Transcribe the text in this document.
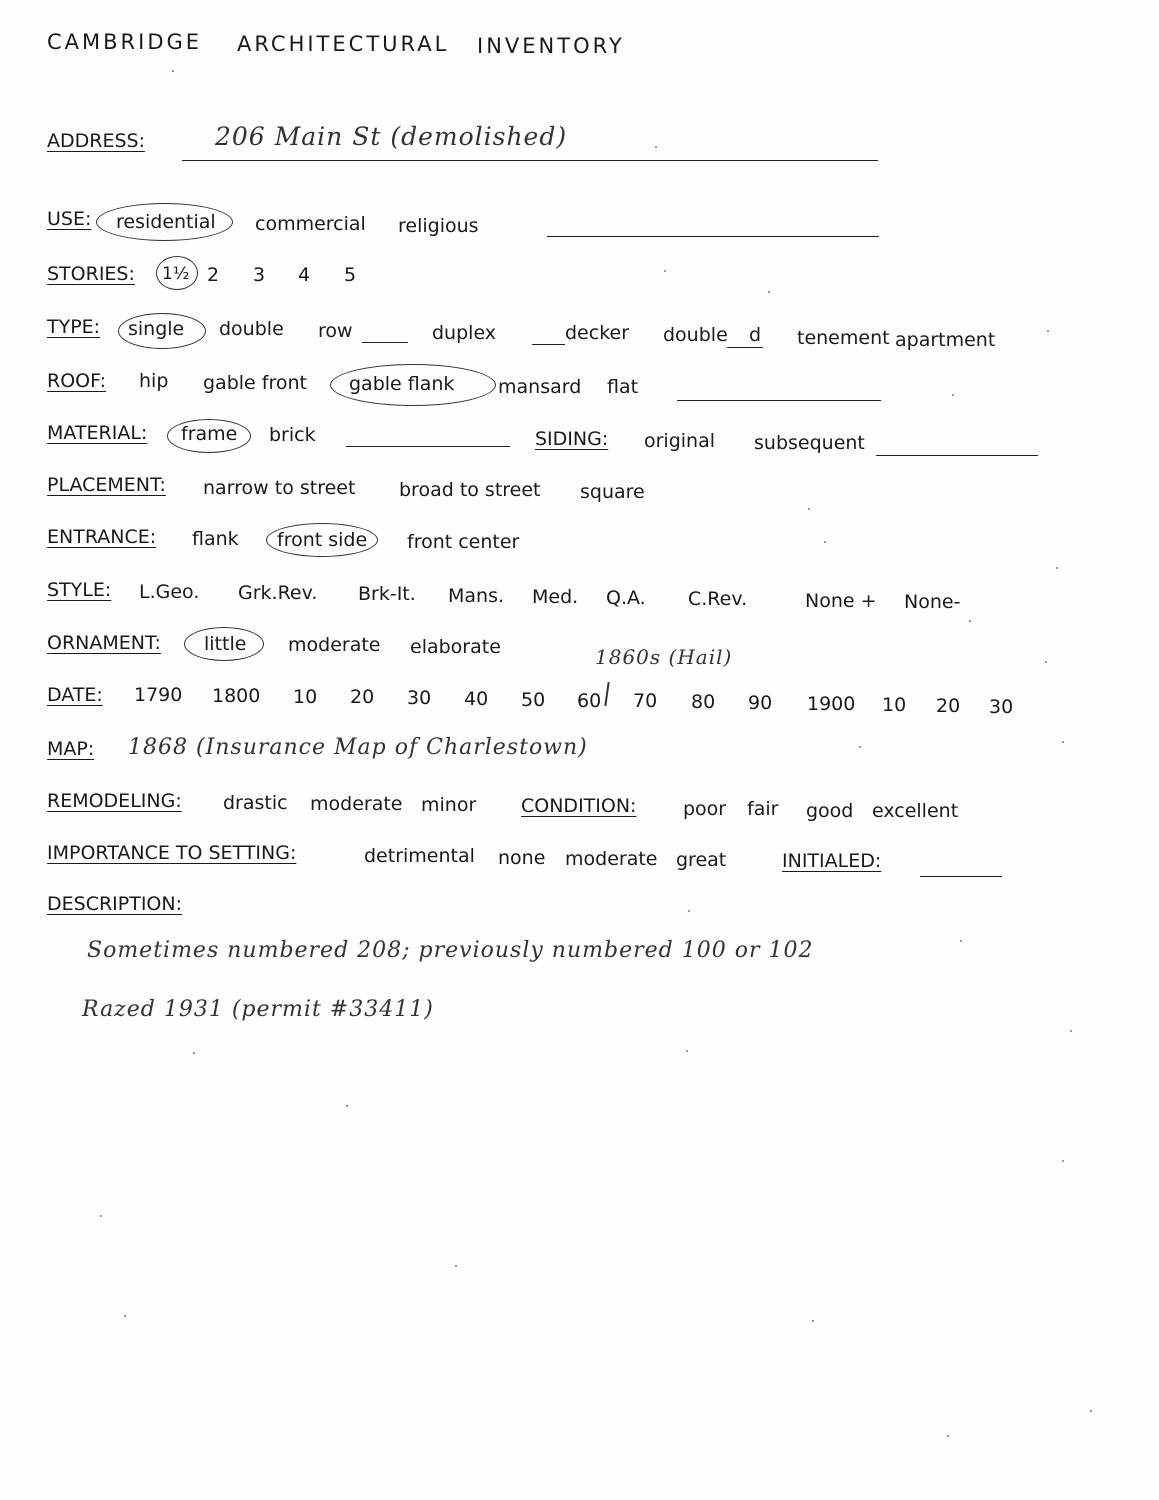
CAMBRIDGE ARCHITECTURAL INVENTORY
ADDRESS:	206 Main St (demolished)
USE: residential commercial religious
STORIES: 1½ 2 3 4 5
TYPE: single double row	duplex	decker double d tenement apartment
ROOF: hip gable front gable flank mansard flat
MATERIAL: frame brick	SIDING: original subsequent
PLACEMENT: narrow to street broad to street square
ENTRANCE: flank front side front center
STYLE: L.Geo. Grk.Rev. Brk-It. Mans. Med. Q.A. C.Rev.	None + None-
ORNAMENT: little moderate elaborate	1860s (Hail)
DATE: 1790 1800 10 20 30 40 50 60 70 80 90 1900 10 20 30
MAP: 1868 (Insurance Map of Charlestown)
REMODELING: drastic moderate minor CONDITION: poor fair good excellent
IMPORTANCE TO SETTING:	detrimental none moderate great	INITIALED:
DESCRIPTION:
Sometimes numbered 208; previously numbered 100 or 102
Razed 1931 (permit #33411)
